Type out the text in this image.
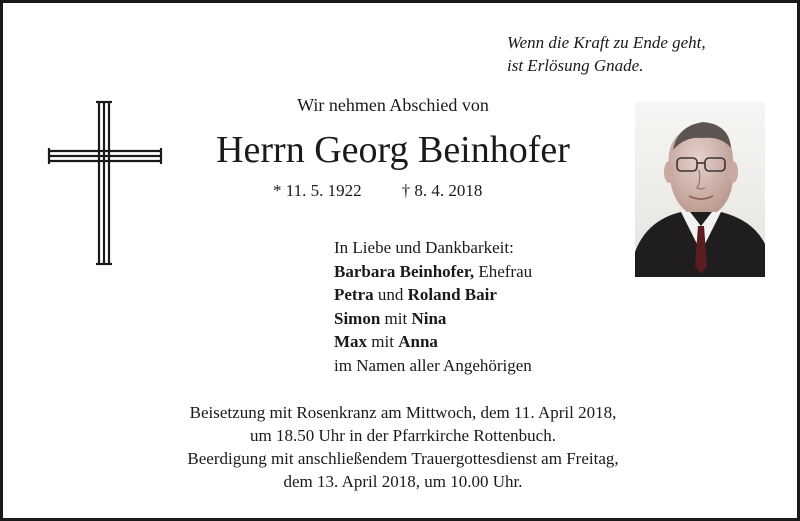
Wenn die Kraft zu Ende geht,
ist Erlösung Gnade.
Wir nehmen Abschied von
Herrn Georg Beinhofer
* 11. 5. 1922 † 8. 4. 2018
In Liebe und Dankbarkeit:
Barbara Beinhofer, Ehefrau
Petra und Roland Bair
Simon mit Nina
Max mit Anna
im Namen aller Angehörigen
Beisetzung mit Rosenkranz am Mittwoch, dem 11. April 2018,
um 18.50 Uhr in der Pfarrkirche Rottenbuch.
Beerdigung mit anschließendem Trauergottesdienst am Freitag,
dem 13. April 2018, um 10.00 Uhr.
